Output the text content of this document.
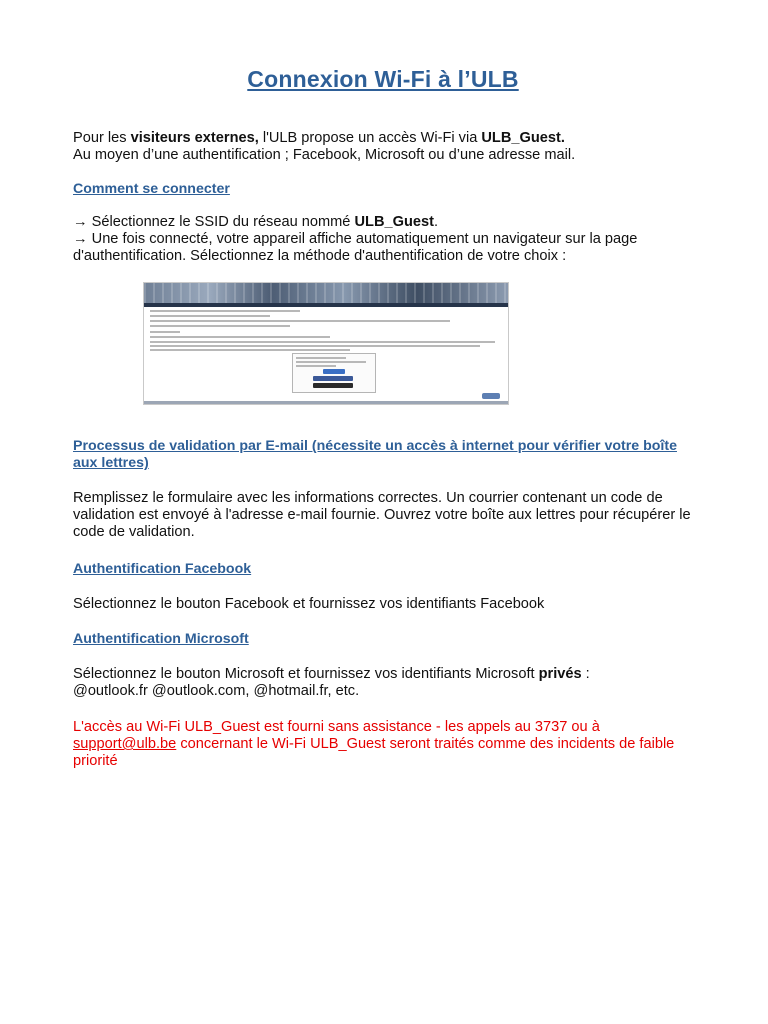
Connexion Wi-Fi à l’ULB
Pour les visiteurs externes, l'ULB propose un accès Wi-Fi via ULB_Guest.
Au moyen d’une authentification ; Facebook, Microsoft ou d’une adresse mail.
Comment se connecter
→ Sélectionnez le SSID du réseau nommé ULB_Guest.
→ Une fois connecté, votre appareil affiche automatiquement un navigateur sur la page d'authentification. Sélectionnez la méthode d'authentification de votre choix :
Processus de validation par E-mail (nécessite un accès à internet pour vérifier votre boîte aux lettres)
Remplissez le formulaire avec les informations correctes. Un courrier contenant un code de validation est envoyé à l'adresse e-mail fournie. Ouvrez votre boîte aux lettres pour récupérer le code de validation.
Authentification Facebook
Sélectionnez le bouton Facebook et fournissez vos identifiants Facebook
Authentification Microsoft
Sélectionnez le bouton Microsoft et fournissez vos identifiants Microsoft privés :
@outlook.fr @outlook.com, @hotmail.fr, etc.
L'accès au Wi-Fi ULB_Guest est fourni sans assistance - les appels au 3737 ou à support@ulb.be concernant le Wi-Fi ULB_Guest seront traités comme des incidents de faible priorité
